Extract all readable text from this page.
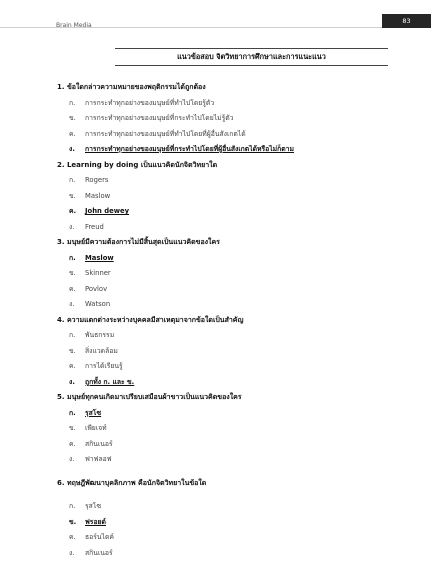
Brain Media
83
แนวข้อสอบ จิตวิทยาการศึกษาและการแนะแนว
1. ข้อใดกล่าวความหมายของพฤติกรรมได้ถูกต้อง
ก. การกระทำทุกอย่างของมนุษย์ที่ทำไปโดยรู้ตัว
ข. การกระทำทุกอย่างของมนุษย์ที่กระทำไปโดยไม่รู้ตัว
ค. การกระทำทุกอย่างของมนุษย์ที่ทำไปโดยที่ผู้อื่นสังเกตได้
ง. การกระทำทุกอย่างของมนุษย์ที่กระทำไปโดยที่ผู้อื่นสังเกตได้หรือไม่ก็ตาม
2. Learning by doing เป็นแนวคิดนักจิตวิทยาใด
ก. Rogers
ข. Maslow
ค. John dewey
ง. Freud
3. มนุษย์มีความต้องการไม่มีสิ้นสุดเป็นแนวคิดของใคร
ก. Maslow
ข. Skinner
ค. Povlov
ง. Watson
4. ความแตกต่างระหว่างบุคคลมีสาเหตุมาจากข้อใดเป็นสำคัญ
ก. พันธกรรม
ข. สิ่งแวดล้อม
ค. การได้เรียนรู้
ง. ถูกทั้ง ก. และ ข.
5. มนุษย์ทุกคนเกิดมาเปรียบเสมือนผ้าขาวเป็นแนวคิดของใคร
ก. รุสโซ
ข. เพียเจท์
ค. สกินเนอร์
ง. ฟาฟลอฟ
6. ทฤษฎีพัฒนาบุคลิกภาพ คือนักจิตวิทยาในข้อใด
ก. รุสโซ
ข. ฟรอยด์
ค. ธอร์นไดค์
ง. สกินเนอร์
